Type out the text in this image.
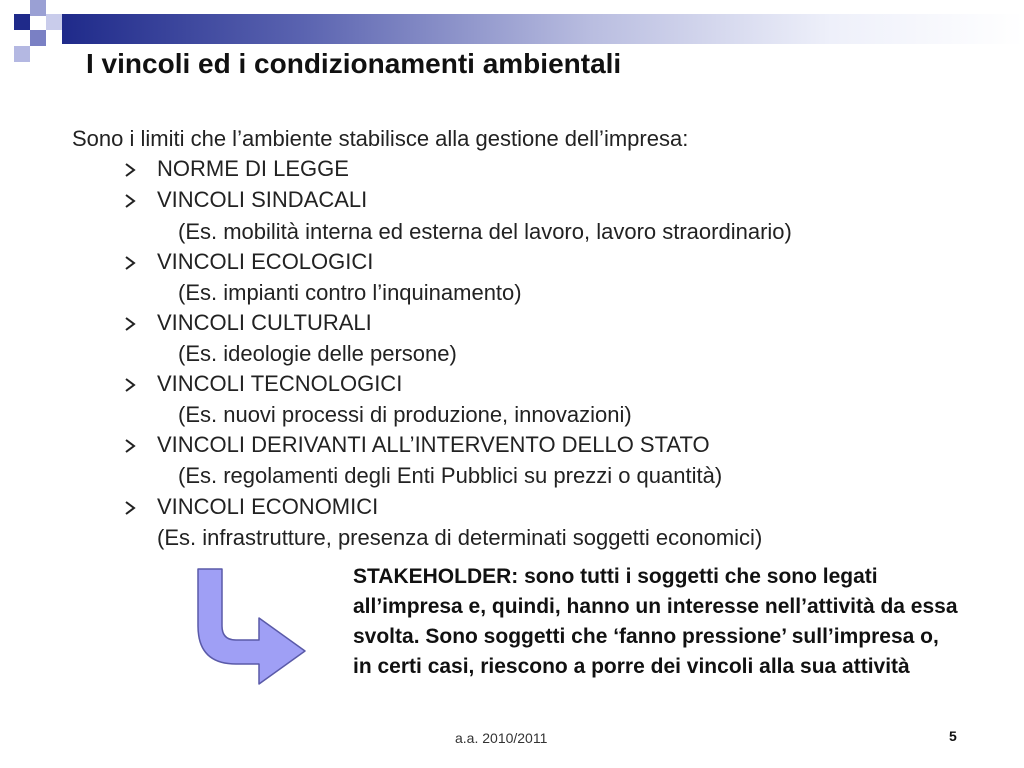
I vincoli ed i condizionamenti ambientali
Sono i limiti che l’ambiente stabilisce alla gestione dell’impresa:
NORME DI LEGGE
VINCOLI SINDACALI
(Es. mobilità interna ed esterna del lavoro, lavoro straordinario)
VINCOLI ECOLOGICI
(Es. impianti contro l’inquinamento)
VINCOLI CULTURALI
(Es. ideologie delle persone)
VINCOLI TECNOLOGICI
(Es. nuovi processi di produzione, innovazioni)
VINCOLI DERIVANTI ALL’INTERVENTO DELLO STATO
(Es. regolamenti degli Enti Pubblici su prezzi o quantità)
VINCOLI ECONOMICI
(Es. infrastrutture, presenza di determinati soggetti economici)

STAKEHOLDER: sono tutti i soggetti che sono legati all’impresa e, quindi, hanno un interesse nell’attività da essa svolta. Sono soggetti che ‘fanno pressione’ sull’impresa o, in certi casi, riescono a porre dei vincoli alla sua attività

a.a. 2010/2011	5
